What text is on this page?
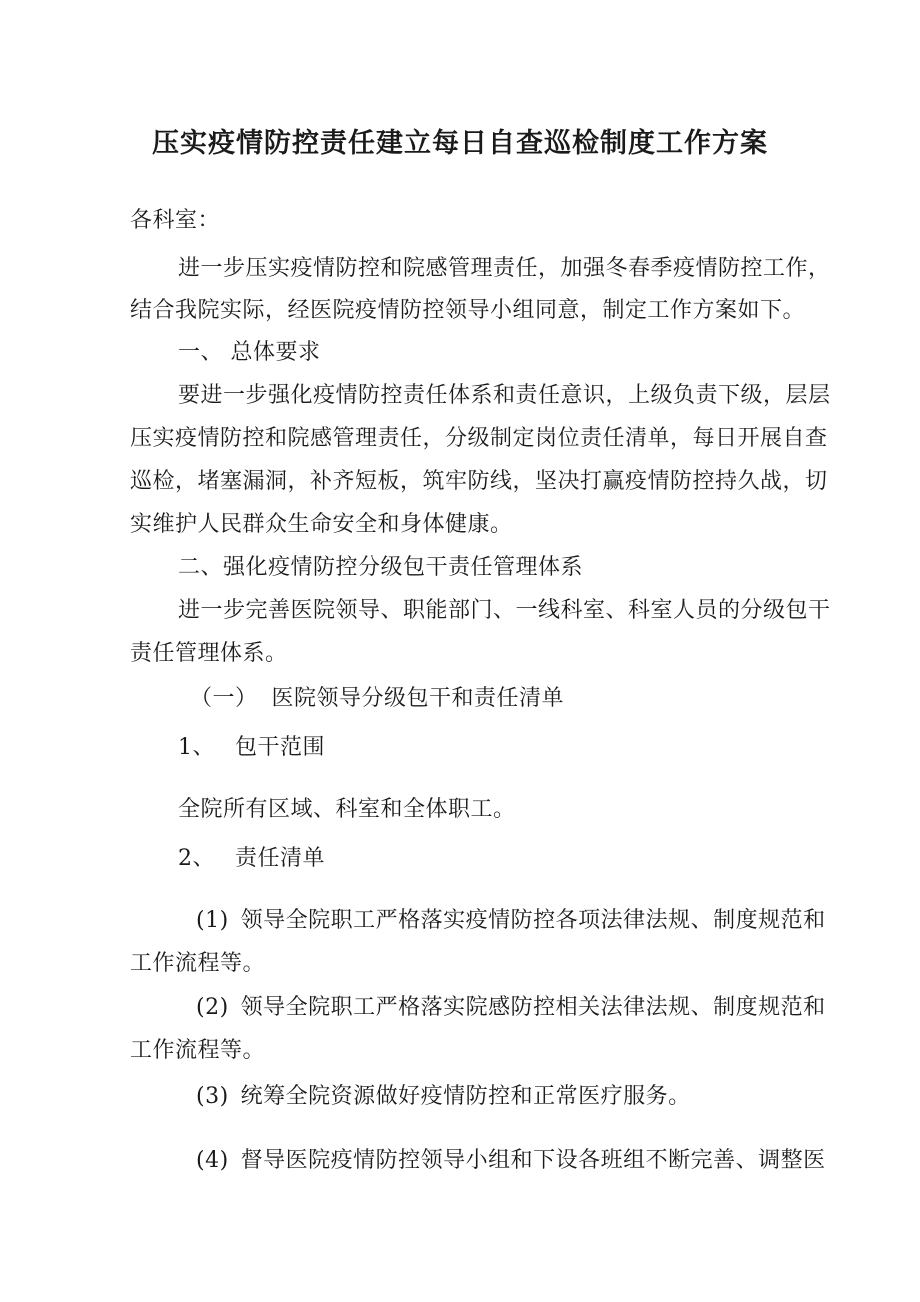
压实疫情防控责任建立每日自查巡检制度工作方案

各科室：

进一步压实疫情防控和院感管理责任，加强冬春季疫情防控工作，

结合我院实际，经医院疫情防控领导小组同意，制定工作方案如下。

一、 总体要求

要进一步强化疫情防控责任体系和责任意识，上级负责下级，层层

压实疫情防控和院感管理责任，分级制定岗位责任清单，每日开展自查

巡检，堵塞漏洞，补齐短板，筑牢防线，坚决打赢疫情防控持久战，切

实维护人民群众生命安全和身体健康。

二、强化疫情防控分级包干责任管理体系

进一步完善医院领导、职能部门、一线科室、科室人员的分级包干

责任管理体系。

（一） 医院领导分级包干和责任清单

1、 包干范围

全院所有区域、科室和全体职工。

2、 责任清单

(1) 领导全院职工严格落实疫情防控各项法律法规、制度规范和

工作流程等。

(2) 领导全院职工严格落实院感防控相关法律法规、制度规范和

工作流程等。

(3) 统筹全院资源做好疫情防控和正常医疗服务。

(4) 督导医院疫情防控领导小组和下设各班组不断完善、调整医
